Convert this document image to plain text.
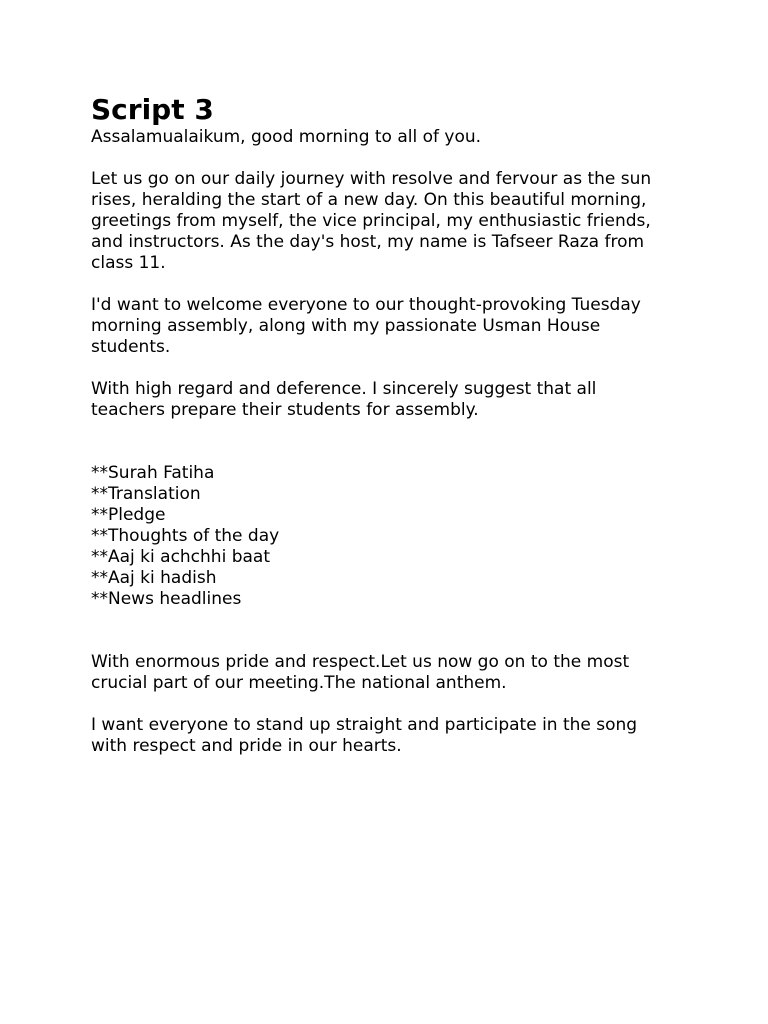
Script 3

Assalamualaikum, good morning to all of you.

Let us go on our daily journey with resolve and fervour as the sun

rises, heralding the start of a new day. On this beautiful morning,

greetings from myself, the vice principal, my enthusiastic friends,

and instructors. As the day's host, my name is Tafseer Raza from

class 11.

I'd want to welcome everyone to our thought-provoking Tuesday

morning assembly, along with my passionate Usman House

students.

With high regard and deference. I sincerely suggest that all

teachers prepare their students for assembly.

**Surah Fatiha

**Translation

**Pledge

**Thoughts of the day

**Aaj ki achchhi baat

**Aaj ki hadish

**News headlines

With enormous pride and respect.Let us now go on to the most

crucial part of our meeting.The national anthem.

I want everyone to stand up straight and participate in the song

with respect and pride in our hearts.
